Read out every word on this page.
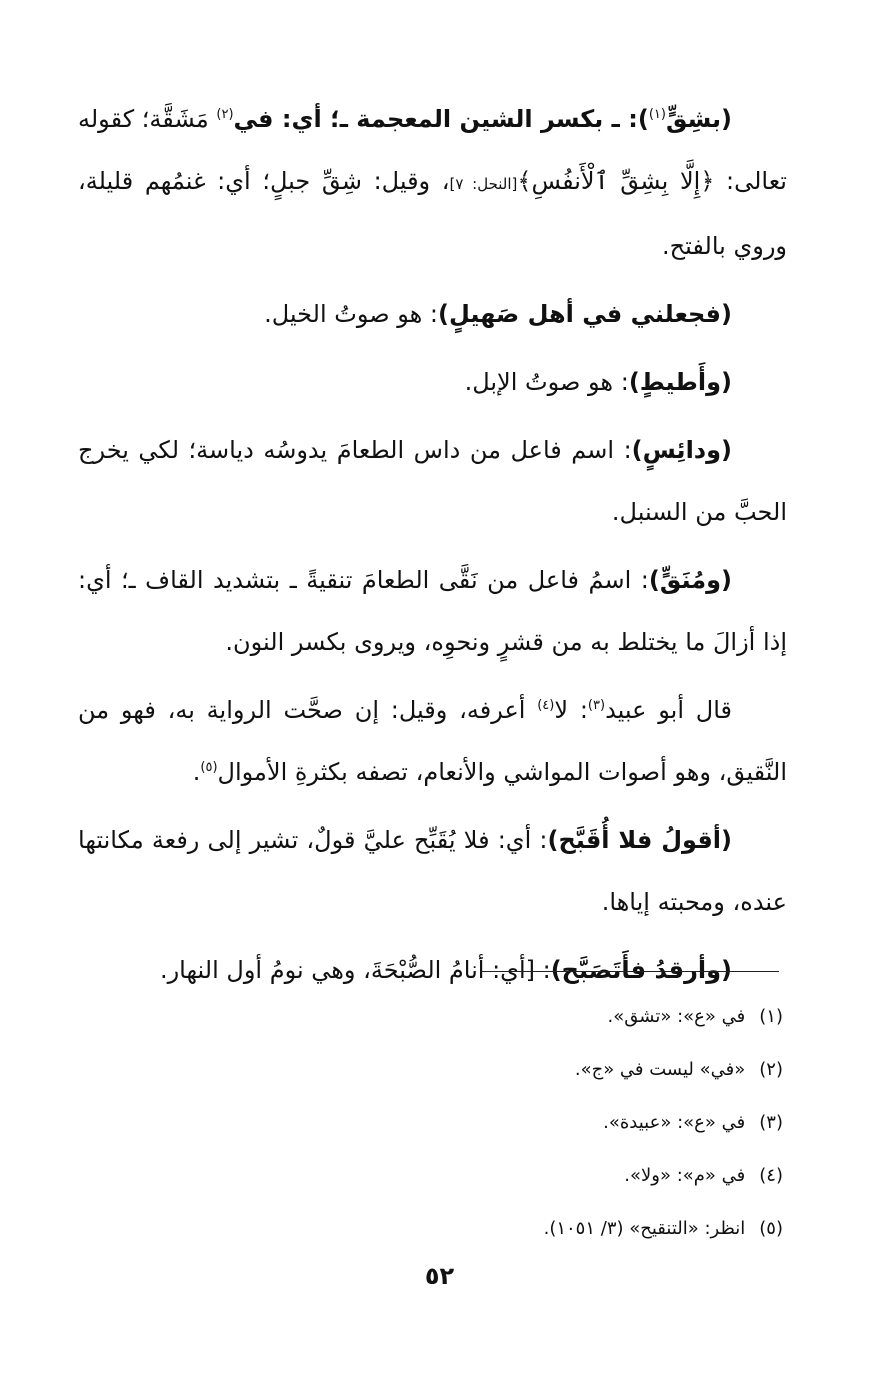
(بشِقٍّ$^{(١)}$): ـ بكسر الشين المعجمة ـ؛ أي: في$^{(٢)}$ مَشَقَّة؛ كقوله تعالى: ﴿إِلَّا بِشِقِّ ٱلْأَنفُسِ﴾[النحل: ٧]، وقيل: شِقِّ جبلٍ؛ أي: غنمُهم قليلة، وروي بالفتح.

(فجعلني في أهل صَهيلٍ): هو صوتُ الخيل.

(وأَطيطٍ): هو صوتُ الإبل.

(ودائِسٍ): اسم فاعل من داس الطعامَ يدوسُه دياسة؛ لكي يخرج الحبَّ من السنبل.

(ومُنَقٍّ): اسمُ فاعل من نَقَّى الطعامَ تنقيةً ـ بتشديد القاف ـ؛ أي: إذا أزالَ ما يختلط به من قشرٍ ونحوِه، ويروى بكسر النون.

قال أبو عبيد$^{(٣)}$: لا$^{(٤)}$ أعرفه، وقيل: إن صحَّت الرواية به، فهو من النَّقيق، وهو أصوات المواشي والأنعام، تصفه بكثرةِ الأموال$^{(٥)}$.

(أقولُ فلا أُقَبَّح): أي: فلا يُقَبِّح عليَّ قولٌ، تشير إلى رفعة مكانتها عنده، ومحبته إياها.

(وأرقدُ فأَتَصَبَّح): [أي: أنامُ الصُّبْحَةَ، وهي نومُ أول النهار.

(١)في «ع»: «تشق».

(٢)«في» ليست في «ج».

(٣)في «ع»: «عبيدة».

(٤)في «م»: «ولا».

(٥)انظر: «التنقيح» (٣/ ١٠٥١).

٥٢
